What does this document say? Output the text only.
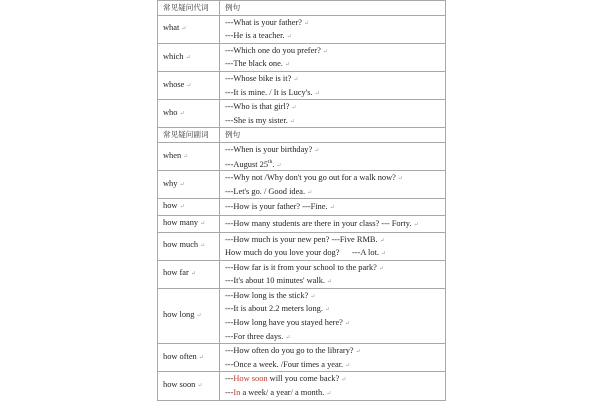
常见疑问代词	例句
what ↵	---What is your father? ↵
---He is a teacher. ↵

which ↵	---Which one do you prefer? ↵
---The black one. ↵

whose ↵	---Whose bike is it? ↵
---It is mine. / It is Lucy's. ↵

who ↵	---Who is that girl? ↵
---She is my sister. ↵

常见疑问副词	例句
when ↵	---When is your birthday? ↵
---August 25th. ↵

why ↵	---Why not /Why don't you go out for a walk now? ↵
---Let's go. / Good idea. ↵

how ↵	---How is your father? ---Fine. ↵

how many ↵	---How many students are there in your class? --- Forty. ↵

how much ↵	---How much is your new pen? ---Five RMB. ↵
How much do you love your dog?      ---A lot. ↵

how far ↵	---How far is it from your school to the park? ↵
---It's about 10 minutes' walk. ↵

how long ↵	---How long is the stick? ↵
---It is about 2.2 meters long. ↵
---How long have you stayed here? ↵
---For three days. ↵

how often ↵	---How often do you go to the library? ↵
---Once a week. /Four times a year. ↵

how soon ↵	---How soon will you come back? ↵
---In a week/ a year/ a month. ↵
